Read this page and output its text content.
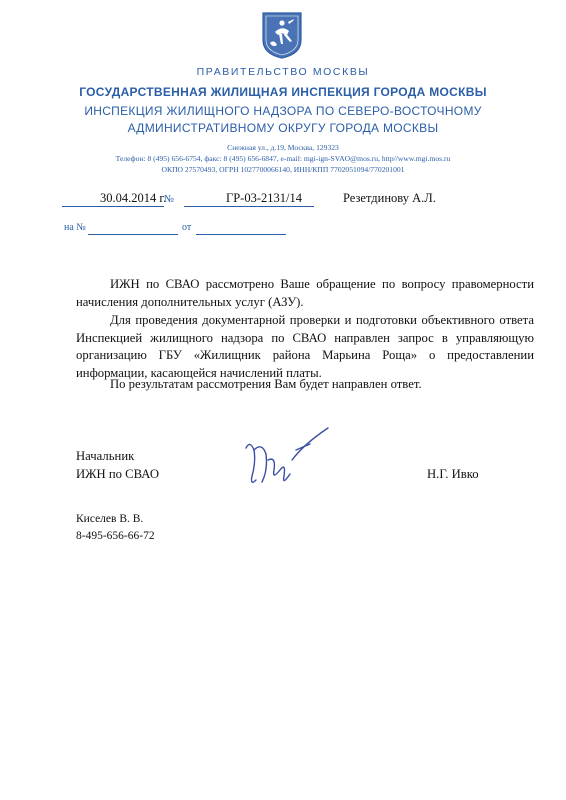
ПРАВИТЕЛЬСТВО МОСКВЫ
ГОСУДАРСТВЕННАЯ ЖИЛИЩНАЯ ИНСПЕКЦИЯ ГОРОДА МОСКВЫ
ИНСПЕКЦИЯ ЖИЛИЩНОГО НАДЗОРА ПО СЕВЕРО-ВОСТОЧНОМУ
АДМИНИСТРАТИВНОМУ ОКРУГУ ГОРОДА МОСКВЫ
Снежная ул., д.19, Москва, 129323
Телефон: 8 (495) 656-6754, факс: 8 (495) 656-6847, e-mail: mgi-ign-SVAO@mos.ru, http//www.mgi.mos.ru
ОКПО 27570493, ОГРН 1027700066140, ИНН/КПП 7702051094/770201001
30.04.2014 г.
№	ГР-03-2131/14	Резетдинову А.Л.
на №	от

ИЖН по СВАО рассмотрено Ваше обращение по вопросу правомерности начисления дополнительных услуг (АЗУ).

Для проведения документарной проверки и подготовки объективного ответа Инспекцией жилищного надзора по СВАО направлен запрос в управляющую организацию ГБУ «Жилищник района Марьина Роща» о предоставлении информации, касающейся начислений платы.

По результатам рассмотрения Вам будет направлен ответ.

Начальник
ИЖН по СВАО	Н.Г. Ивко
Киселев В. В.
8-495-656-66-72
